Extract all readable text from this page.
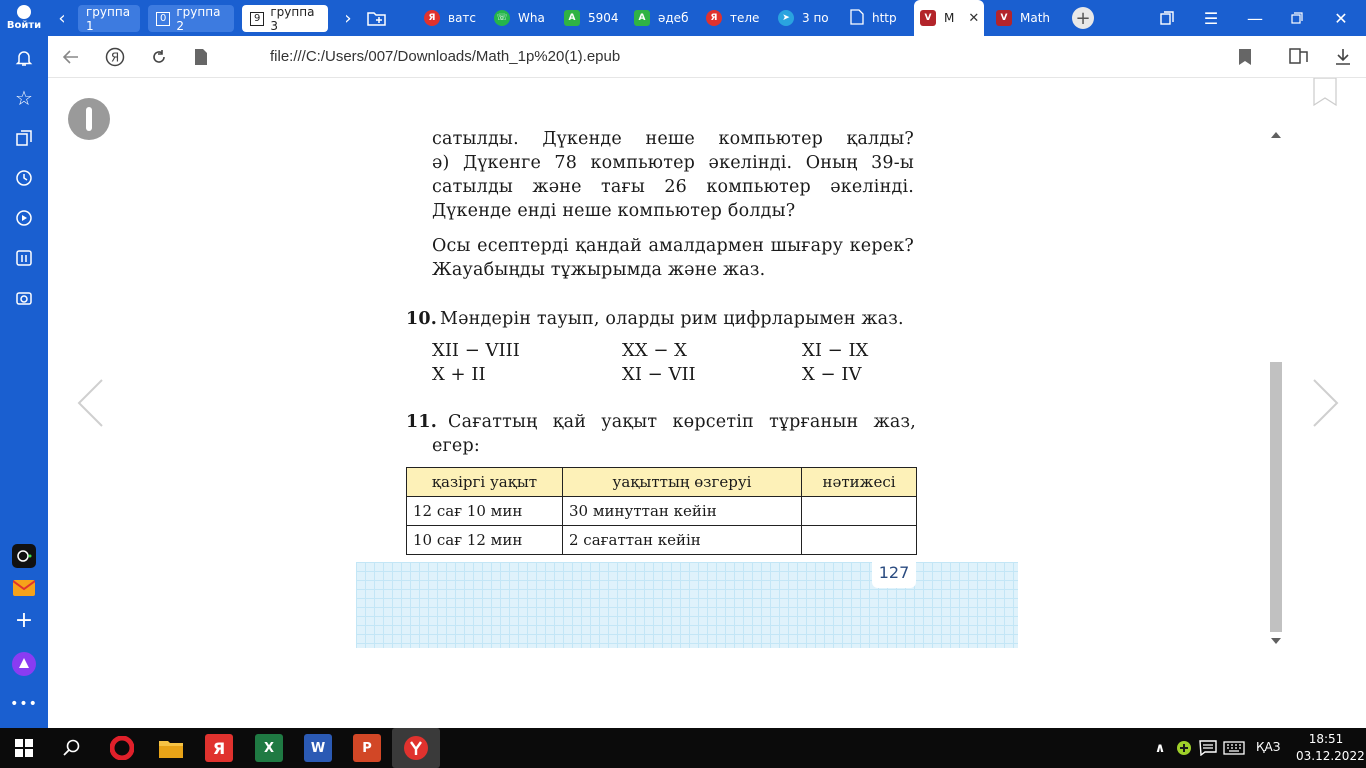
Войти ‹	группа 1
0 группа 2
9 группа 3	›	Я	ватс ☏ Wha	A	5904	A	әдеб	Я	теле	➤	3 по	http	V	M ✕	V	Math +	☰	—	✕
☆
+
•••
Я	file:///C:/Users/007/Downloads/Math_1p%20(1).epub
сатылды. Дүкенде неше компьютер қалды?
ә) Дүкенге 78 компьютер әкелінді. Оның 39-ы
сатылды және тағы 26 компьютер әкелінді.
Дүкенде енді неше компьютер болды?
Осы есептерді қандай амалдармен шығару керек?
Жауабыңды тұжырымда және жаз.
10. Мәндерін тауып, оларды рим цифрларымен жаз.
XII − VIII	XX − X	XI − IX
X + II	XI − VII	X − IV
11. Сағаттың қай уақыт көрсетіп тұрғанын жаз,
егер:
қазіргі уақыт	уақыттың өзгеруі	нәтижесі
12 сағ 10 мин	30 минуттан кейін	
10 сағ 12 мин	2 сағаттан кейін	
127
Я	X	W	P	∧	ҚАЗ
18:51
03.12.2022
